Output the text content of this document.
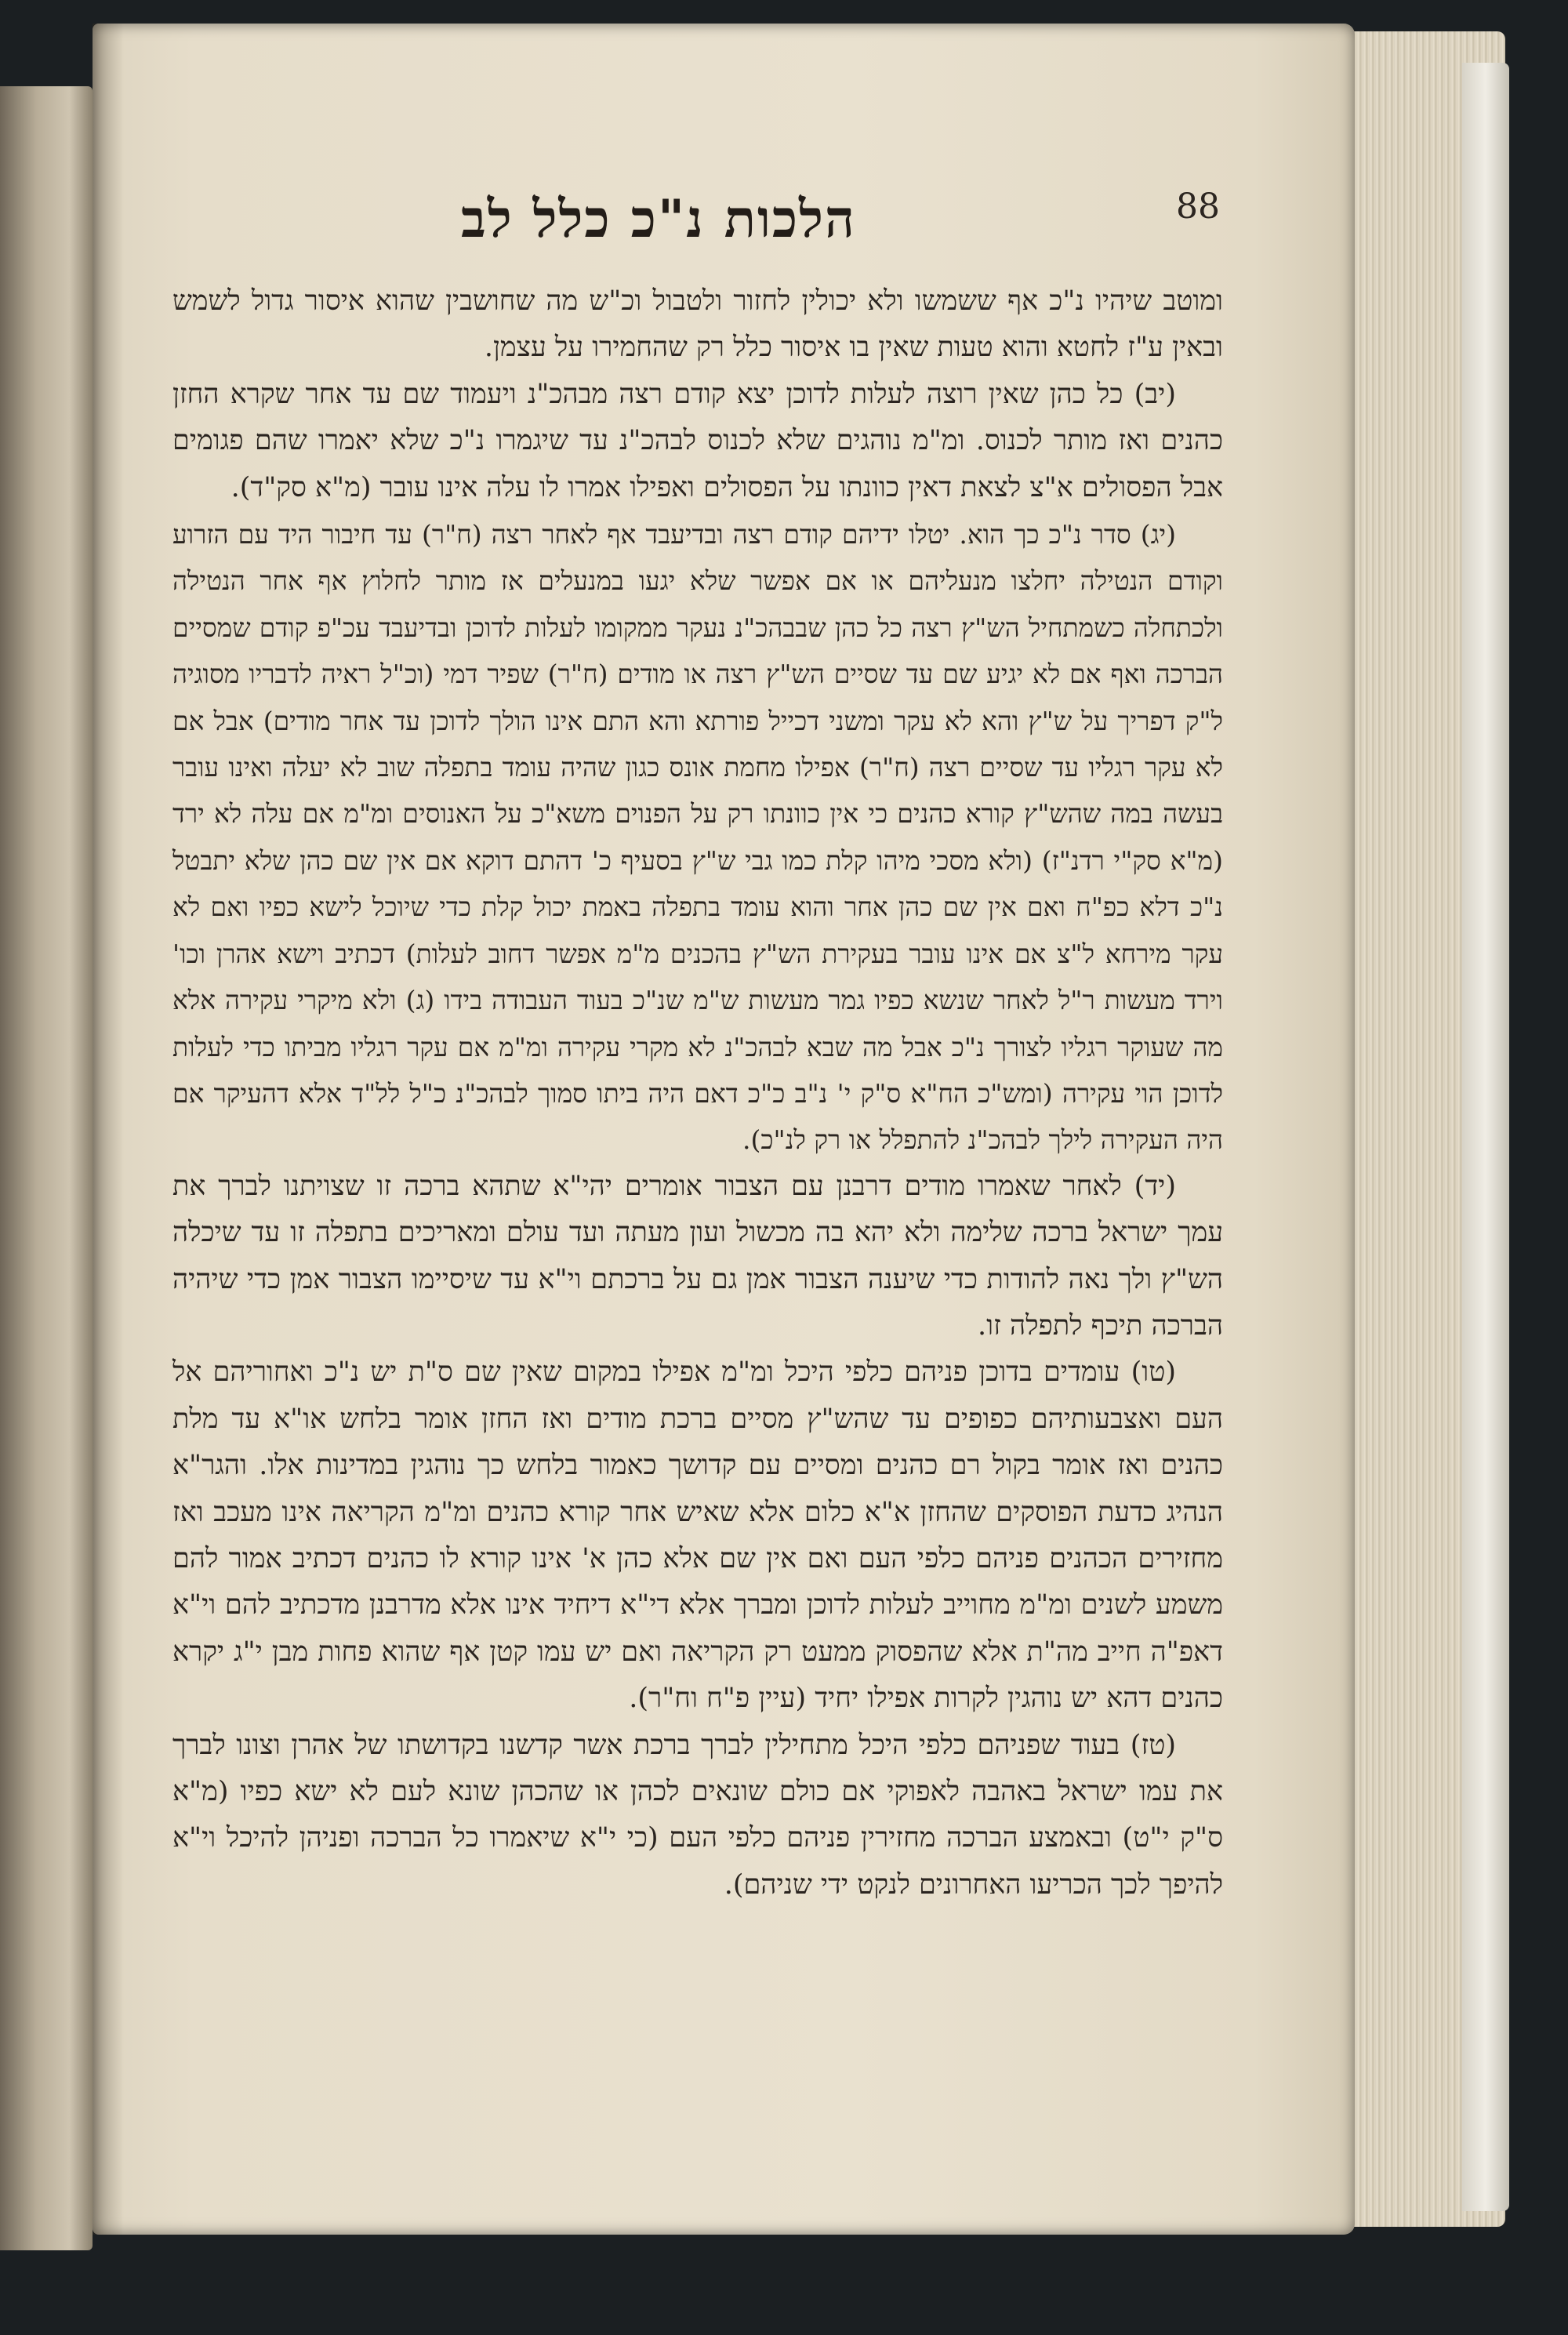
88
הלכות נ"כ כלל לב

ומוטב שיהיו נ"כ אף ששמשו ולא יכולין לחזור ולטבול וכ"ש מה שחושבין שהוא איסור גדול לשמש ובאין ע"ז לחטא והוא טעות שאין בו איסור כלל רק שהחמירו על עצמן.

(יב) כל כהן שאין רוצה לעלות לדוכן יצא קודם רצה מבהכ"נ ויעמוד שם עד אחר שקרא החזן כהנים ואז מותר לכנוס. ומ"מ נוהגים שלא לכנוס לבהכ"נ עד שיגמרו נ"כ שלא יאמרו שהם פגומים אבל הפסולים א"צ לצאת דאין כוונתו על הפסולים ואפילו אמרו לו עלה אינו עובר (מ"א סק"ד).

(יג) סדר נ"כ כך הוא. יטלו ידיהם קודם רצה ובדיעבד אף לאחר רצה (ח"ר) עד חיבור היד עם הזרוע וקודם הנטילה יחלצו מנעליהם או אם אפשר שלא יגעו במנעלים אז מותר לחלוץ אף אחר הנטילה ולכתחלה כשמתחיל הש"ץ רצה כל כהן שבבהכ"נ נעקר ממקומו לעלות לדוכן ובדיעבד עכ"פ קודם שמסיים הברכה ואף אם לא יגיע שם עד שסיים הש"ץ רצה או מודים (ח"ר) שפיר דמי (וכ"ל ראיה לדבריו מסוגיה ל"ק דפריך על ש"ץ והא לא עקר ומשני דכייל פורתא והא התם אינו הולך לדוכן עד אחר מודים) אבל אם לא עקר רגליו עד שסיים רצה (ח"ר) אפילו מחמת אונס כגון שהיה עומד בתפלה שוב לא יעלה ואינו עובר בעשה במה שהש"ץ קורא כהנים כי אין כוונתו רק על הפנוים משא"כ על האנוסים ומ"מ אם עלה לא ירד (מ"א סק"י רדנ"ז) (ולא מסכי מיהו קלת כמו גבי ש"ץ בסעיף כ' דהתם דוקא אם אין שם כהן שלא יתבטל נ"כ דלא כפ"ח ואם אין שם כהן אחר והוא עומד בתפלה באמת יכול קלת כדי שיוכל לישא כפיו ואם לא עקר מירחא ל"צ אם אינו עובר בעקירת הש"ץ בהכנים מ"מ אפשר דחוב לעלות) דכתיב וישא אהרן וכו' וירד מעשות ר"ל לאחר שנשא כפיו גמר מעשות ש"מ שנ"כ בעוד העבודה בידו (ג) ולא מיקרי עקירה אלא מה שעוקר רגליו לצורך נ"כ אבל מה שבא לבהכ"נ לא מקרי עקירה ומ"מ אם עקר רגליו מביתו כדי לעלות לדוכן הוי עקירה (ומש"כ הח"א ס"ק י' נ"ב כ"כ דאם היה ביתו סמוך לבהכ"נ כ"ל לל"ד אלא דהעיקר אם היה העקירה לילך לבהכ"נ להתפלל או רק לנ"כ).

(יד) לאחר שאמרו מודים דרבנן עם הצבור אומרים יהי"א שתהא ברכה זו שצויתנו לברך את עמך ישראל ברכה שלימה ולא יהא בה מכשול ועון מעתה ועד עולם ומאריכים בתפלה זו עד שיכלה הש"ץ ולך נאה להודות כדי שיענה הצבור אמן גם על ברכתם וי"א עד שיסיימו הצבור אמן כדי שיהיה הברכה תיכף לתפלה זו.

(טו) עומדים בדוכן פניהם כלפי היכל ומ"מ אפילו במקום שאין שם ס"ת יש נ"כ ואחוריהם אל העם ואצבעותיהם כפופים עד שהש"ץ מסיים ברכת מודים ואז החזן אומר בלחש או"א עד מלת כהנים ואז אומר בקול רם כהנים ומסיים עם קדושך כאמור בלחש כך נוהגין במדינות אלו. והגר"א הנהיג כדעת הפוסקים שהחזן א"א כלום אלא שאיש אחר קורא כהנים ומ"מ הקריאה אינו מעכב ואז מחזירים הכהנים פניהם כלפי העם ואם אין שם אלא כהן א' אינו קורא לו כהנים דכתיב אמור להם משמע לשנים ומ"מ מחוייב לעלות לדוכן ומברך אלא די"א דיחיד אינו אלא מדרבנן מדכתיב להם וי"א דאפ"ה חייב מה"ת אלא שהפסוק ממעט רק הקריאה ואם יש עמו קטן אף שהוא פחות מבן י"ג יקרא כהנים דהא יש נוהגין לקרות אפילו יחיד (עיין פ"ח וח"ר).

(טז) בעוד שפניהם כלפי היכל מתחילין לברך ברכת אשר קדשנו בקדושתו של אהרן וצונו לברך את עמו ישראל באהבה לאפוקי אם כולם שונאים לכהן או שהכהן שונא לעם לא ישא כפיו (מ"א ס"ק י"ט) ובאמצע הברכה מחזירין פניהם כלפי העם (כי י"א שיאמרו כל הברכה ופניהן להיכל וי"א להיפך לכך הכריעו האחרונים לנקט ידי שניהם).
